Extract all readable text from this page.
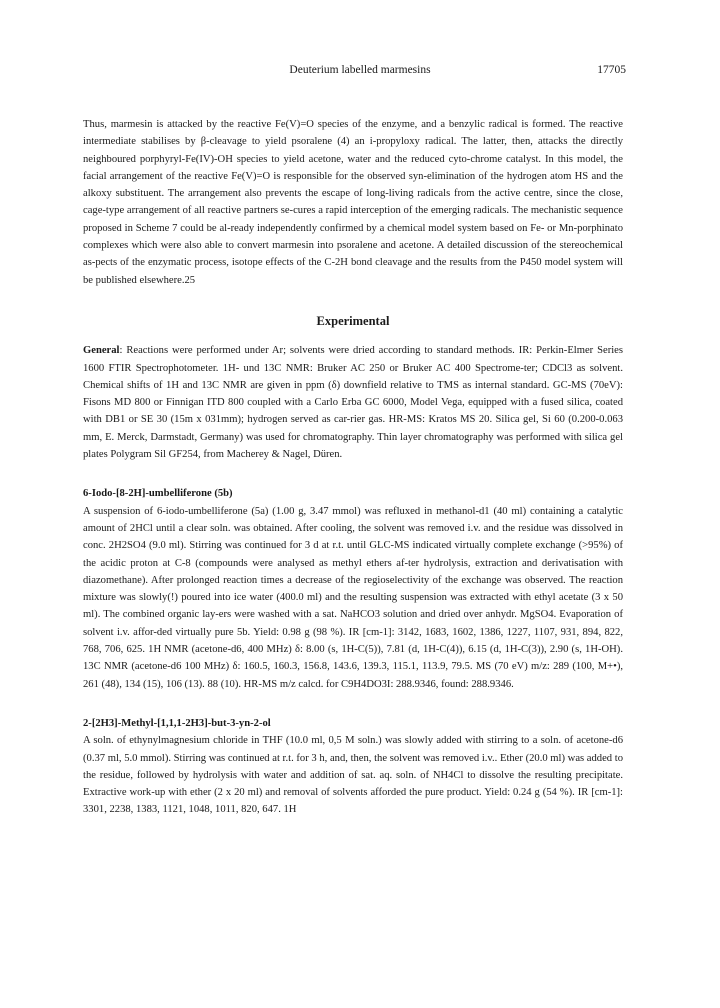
Deuterium labelled marmesins	17705

Thus, marmesin is attacked by the reactive Fe(V)=O species of the enzyme, and a benzylic radical is formed. The reactive intermediate stabilises by β-cleavage to yield psoralene (4) an i-propyloxy radical. The latter, then, attacks the directly neighboured porphyryl-Fe(IV)-OH species to yield acetone, water and the reduced cyto-chrome catalyst. In this model, the facial arrangement of the reactive Fe(V)=O is responsible for the observed syn-elimination of the hydrogen atom HS and the alkoxy substituent. The arrangement also prevents the escape of long-living radicals from the active centre, since the close, cage-type arrangement of all reactive partners se-cures a rapid interception of the emerging radicals. The mechanistic sequence proposed in Scheme 7 could be al-ready independently confirmed by a chemical model system based on Fe- or Mn-porphinato complexes which were also able to convert marmesin into psoralene and acetone. A detailed discussion of the stereochemical as-pects of the enzymatic process, isotope effects of the C-2H bond cleavage and the results from the P450 model system will be published elsewhere.25

Experimental

General: Reactions were performed under Ar; solvents were dried according to standard methods. IR: Perkin-Elmer Series 1600 FTIR Spectrophotometer. 1H- und 13C NMR: Bruker AC 250 or Bruker AC 400 Spectrome-ter; CDCl3 as solvent. Chemical shifts of 1H and 13C NMR are given in ppm (δ) downfield relative to TMS as internal standard. GC-MS (70eV): Fisons MD 800 or Finnigan ITD 800 coupled with a Carlo Erba GC 6000, Model Vega, equipped with a fused silica, coated with DB1 or SE 30 (15m x 031mm); hydrogen served as car-rier gas. HR-MS: Kratos MS 20. Silica gel, Si 60 (0.200-0.063 mm, E. Merck, Darmstadt, Germany) was used for chromatography. Thin layer chromatography was performed with silica gel plates Polygram Sil GF254, from Macherey & Nagel, Düren.

6-Iodo-[8-2H]-umbelliferone (5b)

A suspension of 6-iodo-umbelliferone (5a) (1.00 g, 3.47 mmol) was refluxed in methanol-d1 (40 ml) containing a catalytic amount of 2HCl until a clear soln. was obtained. After cooling, the solvent was removed i.v. and the residue was dissolved in conc. 2H2SO4 (9.0 ml). Stirring was continued for 3 d at r.t. until GLC-MS indicated virtually complete exchange (>95%) of the acidic proton at C-8 (compounds were analysed as methyl ethers af-ter hydrolysis, extraction and derivatisation with diazomethane). After prolonged reaction times a decrease of the regioselectivity of the exchange was observed. The reaction mixture was slowly(!) poured into ice water (400.0 ml) and the resulting suspension was extracted with ethyl acetate (3 x 50 ml). The combined organic lay-ers were washed with a sat. NaHCO3 solution and dried over anhydr. MgSO4. Evaporation of solvent i.v. affor-ded virtually pure 5b. Yield: 0.98 g (98 %). IR [cm-1]: 3142, 1683, 1602, 1386, 1227, 1107, 931, 894, 822, 768, 706, 625. 1H NMR (acetone-d6, 400 MHz) δ: 8.00 (s, 1H-C(5)), 7.81 (d, 1H-C(4)), 6.15 (d, 1H-C(3)), 2.90 (s, 1H-OH). 13C NMR (acetone-d6 100 MHz) δ: 160.5, 160.3, 156.8, 143.6, 139.3, 115.1, 113.9, 79.5. MS (70 eV) m/z: 289 (100, M+•), 261 (48), 134 (15), 106 (13). 88 (10). HR-MS m/z calcd. for C9H4DO3I: 288.9346, found: 288.9346.

2-[2H3]-Methyl-[1,1,1-2H3]-but-3-yn-2-ol

A soln. of ethynylmagnesium chloride in THF (10.0 ml, 0,5 M soln.) was slowly added with stirring to a soln. of acetone-d6 (0.37 ml, 5.0 mmol). Stirring was continued at r.t. for 3 h, and, then, the solvent was removed i.v.. Ether (20.0 ml) was added to the residue, followed by hydrolysis with water and addition of sat. aq. soln. of NH4Cl to dissolve the resulting precipitate. Extractive work-up with ether (2 x 20 ml) and removal of solvents afforded the pure product. Yield: 0.24 g (54 %). IR [cm-1]: 3301, 2238, 1383, 1121, 1048, 1011, 820, 647. 1H
